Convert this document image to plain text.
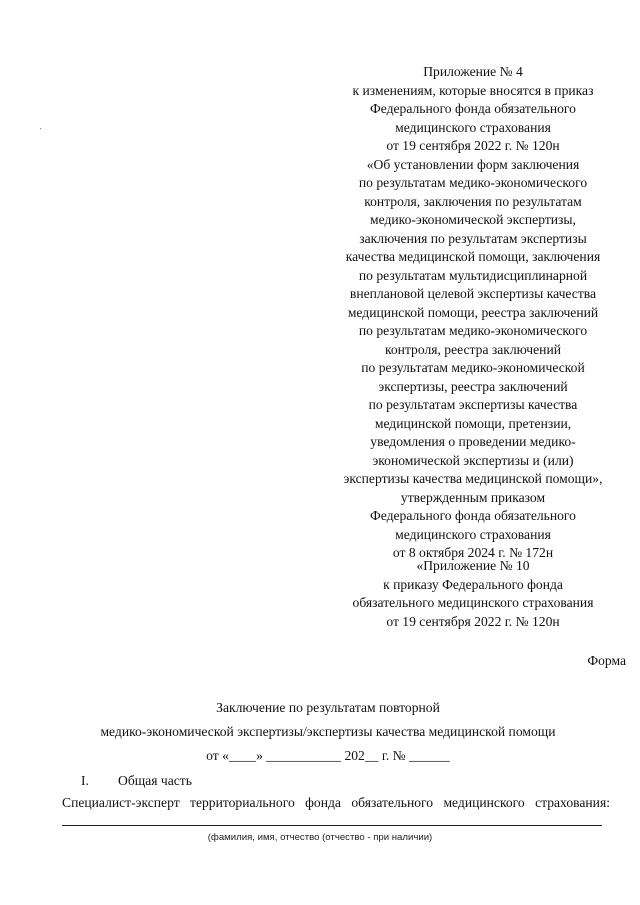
Приложение № 4
к изменениям, которые вносятся в приказ
Федерального фонда обязательного
медицинского страхования
от 19 сентября 2022 г. № 120н
«Об установлении форм заключения
по результатам медико-экономического
контроля, заключения по результатам
медико-экономической экспертизы,
заключения по результатам экспертизы
качества медицинской помощи, заключения
по результатам мультидисциплинарной
внеплановой целевой экспертизы качества
медицинской помощи, реестра заключений
по результатам медико-экономического
контроля, реестра заключений
по результатам медико-экономической
экспертизы, реестра заключений
по результатам экспертизы качества
медицинской помощи, претензии,
уведомления о проведении медико-
экономической экспертизы и (или)
экспертизы качества медицинской помощи»,
утвержденным приказом
Федерального фонда обязательного
медицинского страхования
от 8 октября 2024 г. № 172н
«Приложение № 10
к приказу Федерального фонда
обязательного медицинского страхования
от 19 сентября 2022 г. № 120н
Форма
Заключение по результатам повторной
медико-экономической экспертизы/экспертизы качества медицинской помощи
от «____» ___________ 202__ г. № ______
I. Общая часть
Специалист-эксперт территориального фонда обязательного медицинского страхования:
(фамилия, имя, отчество (отчество - при наличии)
